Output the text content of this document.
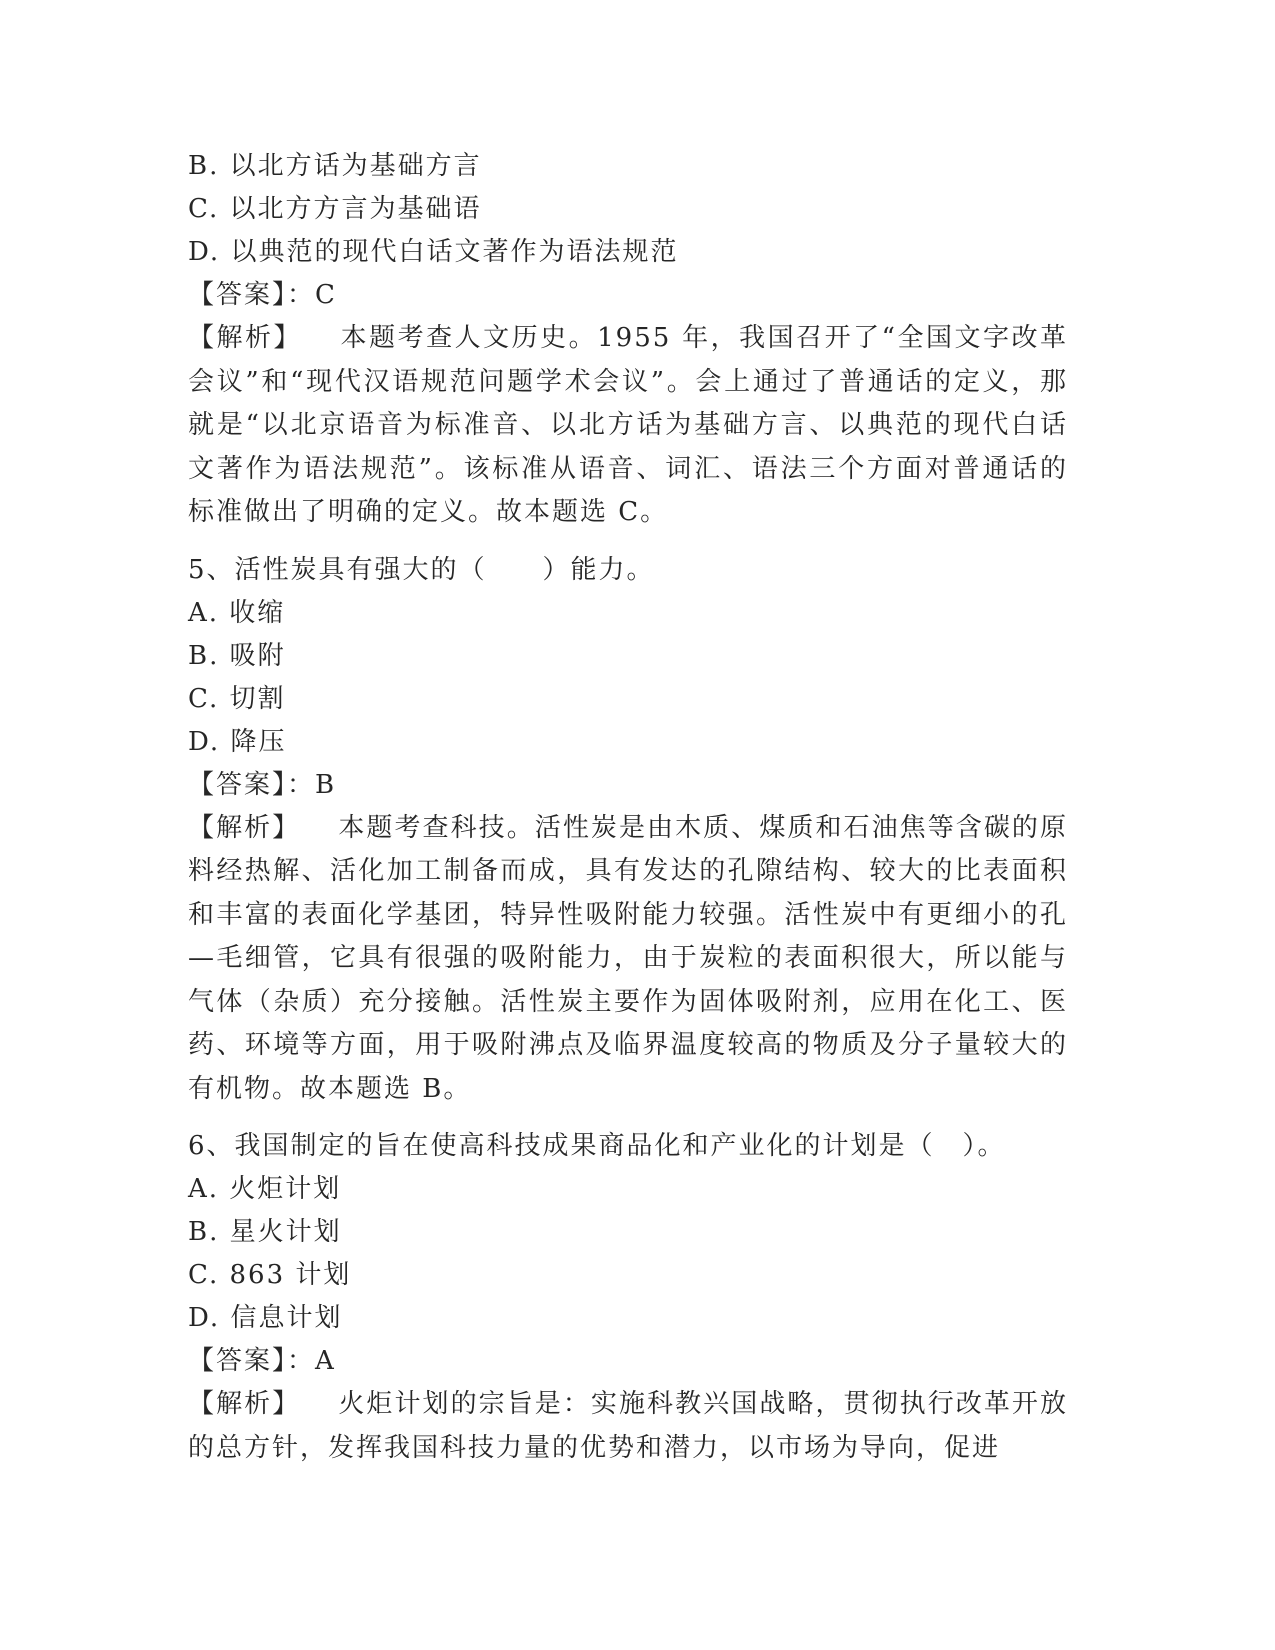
B. 以北方话为基础方言
C. 以北方方言为基础语
D. 以典范的现代白话文著作为语法规范
【答案】：C
【解析】 本题考查人文历史。1955 年，我国召开了“全国文字改革会议”和“现代汉语规范问题学术会议”。会上通过了普通话的定义，那就是“以北京语音为标准音、以北方话为基础方言、以典范的现代白话文著作为语法规范”。该标准从语音、词汇、语法三个方面对普通话的标准做出了明确的定义。故本题选 C。
5、活性炭具有强大的（　　）能力。
A. 收缩
B. 吸附
C. 切割
D. 降压
【答案】：B
【解析】 本题考查科技。活性炭是由木质、煤质和石油焦等含碳的原料经热解、活化加工制备而成，具有发达的孔隙结构、较大的比表面积和丰富的表面化学基团，特异性吸附能力较强。活性炭中有更细小的孔—毛细管，它具有很强的吸附能力，由于炭粒的表面积很大，所以能与气体（杂质）充分接触。活性炭主要作为固体吸附剂，应用在化工、医药、环境等方面，用于吸附沸点及临界温度较高的物质及分子量较大的有机物。故本题选 B。
6、我国制定的旨在使高科技成果商品化和产业化的计划是（　）。
A. 火炬计划
B. 星火计划
C. 863 计划
D. 信息计划
【答案】：A
【解析】 火炬计划的宗旨是：实施科教兴国战略，贯彻执行改革开放的总方针，发挥我国科技力量的优势和潜力，以市场为导向，促进
